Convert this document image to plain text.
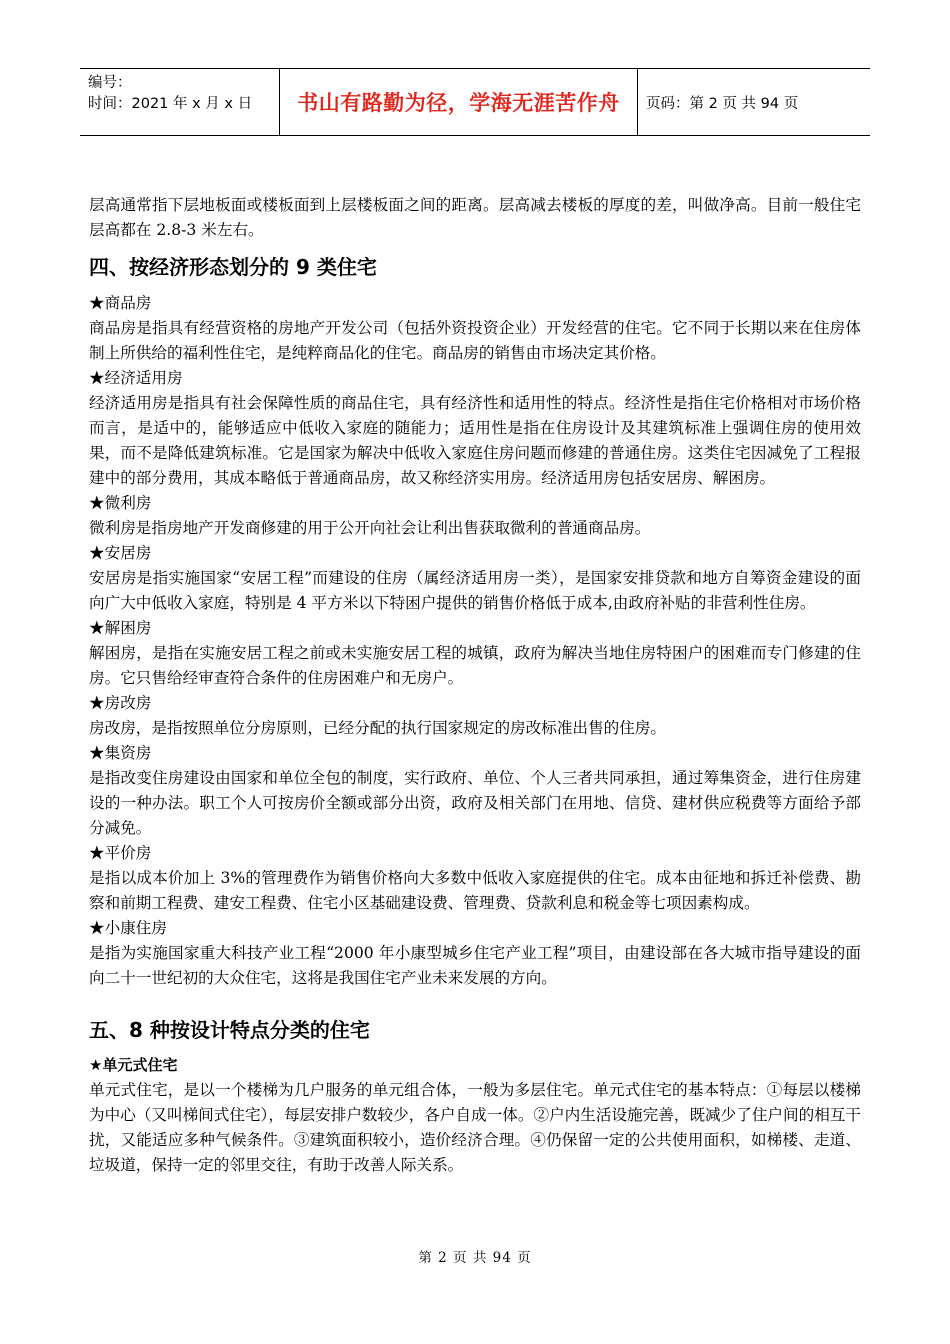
编号：
时间：2021 年 x 月 x 日	书山有路勤为径，学海无涯苦作舟	页码：第 2 页 共 94 页

层高通常指下层地板面或楼板面到上层楼板面之间的距离。层高减去楼板的厚度的差，叫做净高。目前一般住宅层高都在 2.8-3 米左右。

四、按经济形态划分的 9 类住宅
★商品房

商品房是指具有经营资格的房地产开发公司（包括外资投资企业）开发经营的住宅。它不同于长期以来在住房体制上所供给的福利性住宅，是纯粹商品化的住宅。商品房的销售由市场决定其价格。

★经济适用房

经济适用房是指具有社会保障性质的商品住宅，具有经济性和适用性的特点。经济性是指住宅价格相对市场价格而言，是适中的，能够适应中低收入家庭的随能力；适用性是指在住房设计及其建筑标准上强调住房的使用效果，而不是降低建筑标准。它是国家为解决中低收入家庭住房问题而修建的普通住房。这类住宅因减免了工程报建中的部分费用，其成本略低于普通商品房，故又称经济实用房。经济适用房包括安居房、解困房。

★微利房

微利房是指房地产开发商修建的用于公开向社会让利出售获取微利的普通商品房。

★安居房

安居房是指实施国家“安居工程”而建设的住房（属经济适用房一类），是国家安排贷款和地方自筹资金建设的面向广大中低收入家庭，特别是 4 平方米以下特困户提供的销售价格低于成本,由政府补贴的非营利性住房。

★解困房

解困房，是指在实施安居工程之前或未实施安居工程的城镇，政府为解决当地住房特困户的困难而专门修建的住房。它只售给经审查符合条件的住房困难户和无房户。

★房改房

房改房，是指按照单位分房原则，已经分配的执行国家规定的房改标准出售的住房。

★集资房

是指改变住房建设由国家和单位全包的制度，实行政府、单位、个人三者共同承担，通过筹集资金，进行住房建设的一种办法。职工个人可按房价全额或部分出资，政府及相关部门在用地、信贷、建材供应税费等方面给予部分减免。

★平价房

是指以成本价加上 3%的管理费作为销售价格向大多数中低收入家庭提供的住宅。成本由征地和拆迁补偿费、勘察和前期工程费、建安工程费、住宅小区基础建设费、管理费、贷款利息和税金等七项因素构成。

★小康住房

是指为实施国家重大科技产业工程“2000 年小康型城乡住宅产业工程”项目，由建设部在各大城市指导建设的面向二十一世纪初的大众住宅，这将是我国住宅产业未来发展的方向。

五、8 种按设计特点分类的住宅
★单元式住宅

单元式住宅，是以一个楼梯为几户服务的单元组合体，一般为多层住宅。单元式住宅的基本特点：①每层以楼梯为中心（又叫梯间式住宅），每层安排户数较少，各户自成一体。②户内生活设施完善，既减少了住户间的相互干扰，又能适应多种气候条件。③建筑面积较小，造价经济合理。④仍保留一定的公共使用面积，如梯楼、走道、垃圾道，保持一定的邻里交往，有助于改善人际关系。

第 2 页 共 94 页
